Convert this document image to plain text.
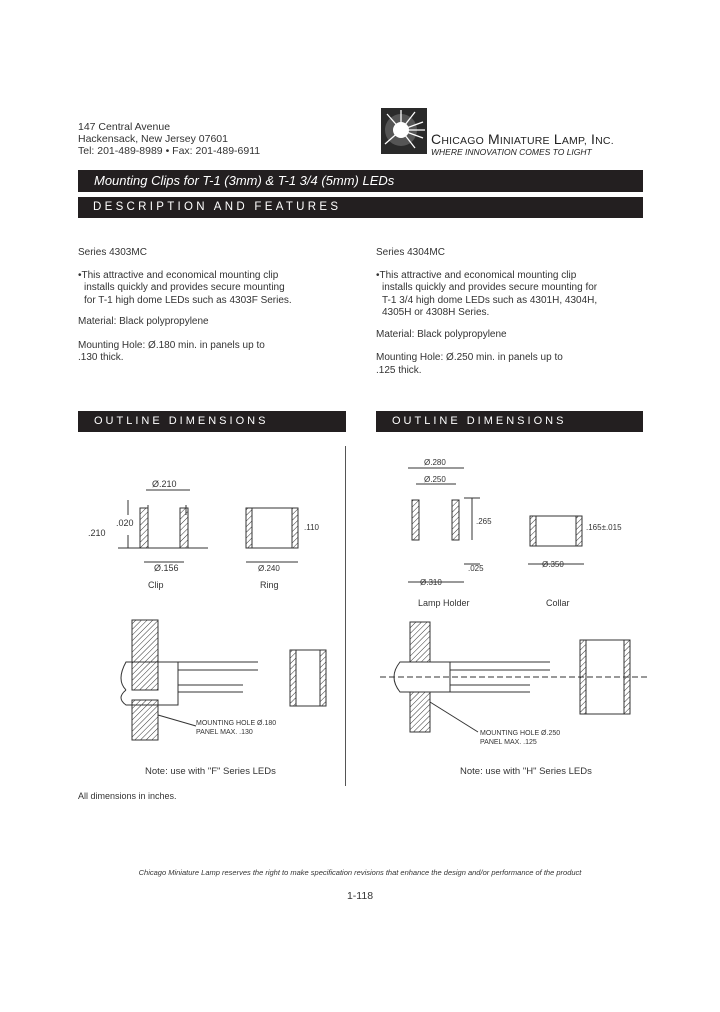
147 Central Avenue
Hackensack, New Jersey 07601
Tel: 201-489-8989 • Fax: 201-489-6911
CHICAGO MINIATURE LAMP, INC.
WHERE INNOVATION COMES TO LIGHT
Mounting Clips for T-1 (3mm) & T-1 3/4 (5mm) LEDs
DESCRIPTION AND FEATURES

Series 4303MC

•This attractive and economical mounting clip

installs quickly and provides secure mounting

for T-1 high dome LEDs such as 4303F Series.

Material: Black polypropylene

Mounting Hole: Ø.180 min. in panels up to

.130 thick.

Series 4304MC

•This attractive and economical mounting clip

installs quickly and provides secure mounting for

T-1 3/4 high dome LEDs such as 4301H, 4304H,

4305H or 4308H Series.

Material: Black polypropylene

Mounting Hole: Ø.250 min. in panels up to

.125 thick.

OUTLINE DIMENSIONS	OUTLINE DIMENSIONS
Ø.210
.020
.210
Ø.156
Clip
.110
Ø.240
Ring
MOUNTING HOLE Ø.180
PANEL MAX. .130
Ø.280
Ø.250
.265
Ø.310
.025
Lamp Holder
.165±.015
Ø.350
Collar
MOUNTING HOLE Ø.250
PANEL MAX. .125
Note: use with "F" Series LEDs	Note: use with "H" Series LEDs
All dimensions in inches.
Chicago Miniature Lamp reserves the right to make specification revisions that enhance the design and/or performance of the product
1-118
